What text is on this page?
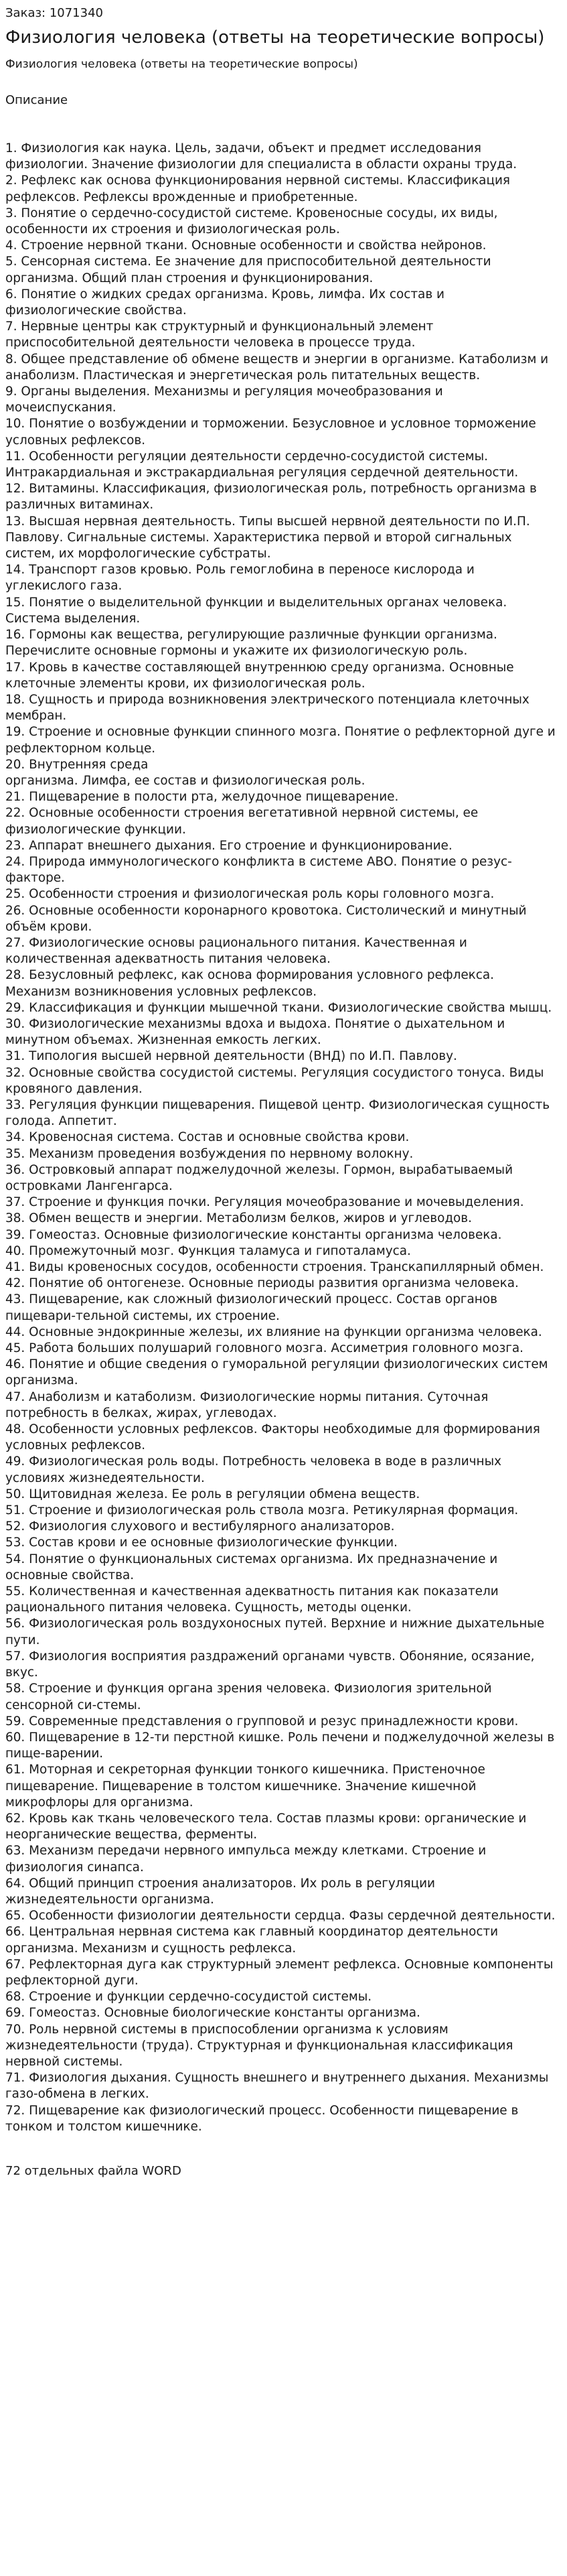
Заказ: 1071340
Физиология человека (ответы на теоретические вопросы)
Физиология человека (ответы на теоретические вопросы)
Описание
1. Физиология как наука. Цель, задачи, объект и предмет исследования физиологии. Значение физиологии для специалиста в области охраны труда.
2. Рефлекс как основа функционирования нервной системы. Классификация рефлексов. Рефлексы врожденные и приобретенные.
3. Понятие о сердечно-сосудистой системе. Кровеносные сосуды, их виды, особенности их строения и физиологическая роль.
4. Строение нервной ткани. Основные особенности и свойства нейронов.
5. Сенсорная система. Ее значение для приспособительной деятельности организма. Общий план строения и функционирования.
6. Понятие о жидких средах организма. Кровь, лимфа. Их состав и физиологические свойства.
7. Нервные центры как структурный и функциональный элемент приспособительной деятельности человека в процессе труда.
8. Общее представление об обмене веществ и энергии в организме. Катаболизм и анаболизм. Пластическая и энергетическая роль питательных веществ.
9. Органы выделения. Механизмы и регуляция мочеобразования и мочеиспускания.
10. Понятие о возбуждении и торможении. Безусловное и условное торможение условных рефлексов.
11. Особенности регуляции деятельности сердечно-сосудистой системы. Интракардиальная и экстракардиальная регуляция сердечной деятельности.
12. Витамины. Классификация, физиологическая роль, потребность организма в различных витаминах.
13. Высшая нервная деятельность. Типы высшей нервной деятельности по И.П. Павлову. Сигнальные системы. Характеристика первой и второй сигнальных систем, их морфологические субстраты.
14. Транспорт газов кровью. Роль гемоглобина в переносе кислорода и углекислого газа.
15. Понятие о выделительной функции и выделительных органах человека. Система выделения.
16. Гормоны как вещества, регулирующие различные функции организма. Перечислите основные гормоны и укажите их физиологическую роль.
17. Кровь в качестве составляющей внутреннюю среду организма. Основные клеточные элементы крови, их физиологическая роль.
18. Сущность и природа возникновения электрического потенциала клеточных мембран.
19. Строение и основные функции спинного мозга. Понятие о рефлекторной дуге и рефлекторном кольце.
20. Внутренняя среда
организма. Лимфа, ее состав и физиологическая роль.
21. Пищеварение в полости рта, желудочное пищеварение.
22. Основные особенности строения вегетативной нервной системы, ее физиологические функции.
23. Аппарат внешнего дыхания. Его строение и функционирование.
24. Природа иммунологического конфликта в системе АВО. Понятие о резус-факторе.
25. Особенности строения и физиологическая роль коры головного мозга.
26. Основные особенности коронарного кровотока. Систолический и минутный объём крови.
27. Физиологические основы рационального питания. Качественная и количественная адекватность питания человека.
28. Безусловный рефлекс, как основа формирования условного рефлекса. Механизм возникновения условных рефлексов.
29. Классификация и функции мышечной ткани. Физиологические свойства мышц.
30. Физиологические механизмы вдоха и выдоха. Понятие о дыхательном и минутном объемах. Жизненная емкость легких.
31. Типология высшей нервной деятельности (ВНД) по И.П. Павлову.
32. Основные свойства сосудистой системы. Регуляция сосудистого тонуса. Виды кровяного давления.
33. Регуляция функции пищеварения. Пищевой центр. Физиологическая сущность голода. Аппетит.
34. Кровеносная система. Состав и основные свойства крови.
35. Механизм проведения возбуждения по нервному волокну.
36. Островковый аппарат поджелудочной железы. Гормон, вырабатываемый островками Лангенгарса.
37. Строение и функция почки. Регуляция мочеобразование и мочевыделения.
38. Обмен веществ и энергии. Метаболизм белков, жиров и углеводов.
39. Гомеостаз. Основные физиологические константы организма человека.
40. Промежуточный мозг. Функция таламуса и гипоталамуса.
41. Виды кровеносных сосудов, особенности строения. Транскапиллярный обмен.
42. Понятие об онтогенезе. Основные периоды развития организма человека.
43. Пищеварение, как сложный физиологический процесс. Состав органов пищевари-тельной системы, их строение.
44. Основные эндокринные железы, их влияние на функции организма человека.
45. Работа больших полушарий головного мозга. Ассиметрия головного мозга.
46. Понятие и общие сведения о гуморальной регуляции физиологических систем организма.
47. Анаболизм и катаболизм. Физиологические нормы питания. Суточная потребность в белках, жирах, углеводах.
48. Особенности условных рефлексов. Факторы необходимые для формирования условных рефлексов.
49. Физиологическая роль воды. Потребность человека в воде в различных условиях жизнедеятельности.
50. Щитовидная железа. Ее роль в регуляции обмена веществ.
51. Строение и физиологическая роль ствола мозга. Ретикулярная формация.
52. Физиология слухового и вестибулярного анализаторов.
53. Состав крови и ее основные физиологические функции.
54. Понятие о функциональных системах организма. Их предназначение и основные свойства.
55. Количественная и качественная адекватность питания как показатели рационального питания человека. Сущность, методы оценки.
56. Физиологическая роль воздухоносных путей. Верхние и нижние дыхательные пути.
57. Физиология восприятия раздражений органами чувств. Обоняние, осязание, вкус.
58. Строение и функция органа зрения человека. Физиология зрительной сенсорной си-стемы.
59. Современные представления о групповой и резус принадлежности крови.
60. Пищеварение в 12-ти перстной кишке. Роль печени и поджелудочной железы в пище-варении.
61. Моторная и секреторная функции тонкого кишечника. Пристеночное пищеварение. Пищеварение в толстом кишечнике. Значение кишечной микрофлоры для организма.
62. Кровь как ткань человеческого тела. Состав плазмы крови: органические и неорганические вещества, ферменты.
63. Механизм передачи нервного импульса между клетками. Строение и физиология синапса.
64. Общий принцип строения анализаторов. Их роль в регуляции жизнедеятельности организма.
65. Особенности физиологии деятельности сердца. Фазы сердечной деятельности.
66. Центральная нервная система как главный координатор деятельности организма. Механизм и сущность рефлекса.
67. Рефлекторная дуга как структурный элемент рефлекса. Основные компоненты рефлекторной дуги.
68. Строение и функции сердечно-сосудистой системы.
69. Гомеостаз. Основные биологические константы организма.
70. Роль нервной системы в приспособлении организма к условиям жизнедеятельности (труда). Структурная и функциональная классификация нервной системы.
71. Физиология дыхания. Сущность внешнего и внутреннего дыхания. Механизмы газо-обмена в легких.
72. Пищеварение как физиологический процесс. Особенности пищеварение в тонком и толстом кишечнике.
72 отдельных файла WORD
